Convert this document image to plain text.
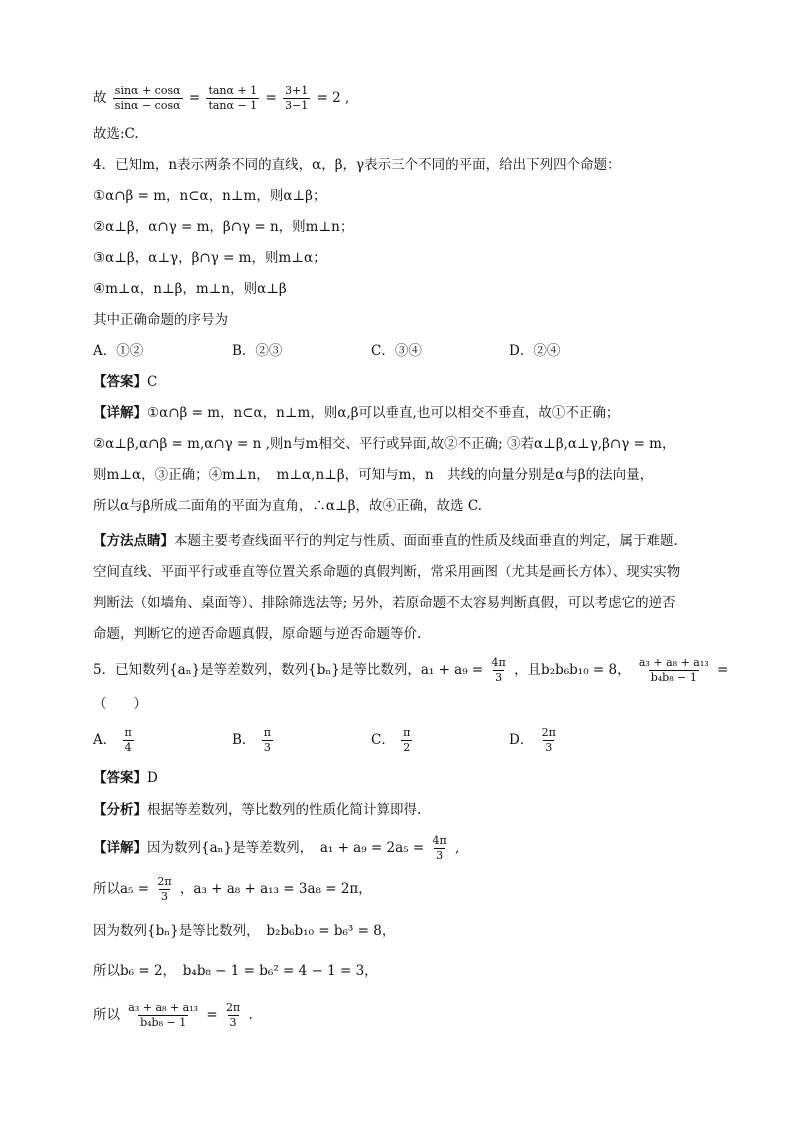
故 $\frac{\sin\alpha + \cos\alpha}{\sin\alpha - \cos\alpha} = \frac{\tan\alpha + 1}{\tan\alpha - 1} = \frac{3+1}{3-1} = 2$ ,
故选:C.
4．已知m，n表示两条不同的直线，α，β，γ表示三个不同的平面，给出下列四个命题：
①α∩β = m，n⊂α，n⊥m，则α⊥β；
②α⊥β，α∩γ = m，β∩γ = n，则m⊥n；
③α⊥β，α⊥γ，β∩γ = m，则m⊥α；
④m⊥α，n⊥β，m⊥n，则α⊥β
其中正确命题的序号为
A．①②	B．②③	C．③④	D．②④
【答案】C
【详解】①α∩β = m，n⊂α，n⊥m，则α,β可以垂直,也可以相交不垂直，故①不正确；
②α⊥β,α∩β = m,α∩γ = n ,则n与m相交、平行或异面,故②不正确; ③若α⊥β,α⊥γ,β∩γ = m，
则m⊥α，③正确；④m⊥n，　m⊥α,n⊥β，可知与m，n　共线的向量分别是α与β的法向量，
所以α与β所成二面角的平面为直角，∴α⊥β，故④正确，故选 C.
【方法点睛】本题主要考查线面平行的判定与性质、面面垂直的性质及线面垂直的判定，属于难题.
空间直线、平面平行或垂直等位置关系命题的真假判断，常采用画图（尤其是画长方体）、现实实物
判断法（如墙角、桌面等）、排除筛选法等; 另外，若原命题不太容易判断真假，可以考虑它的逆否
命题，判断它的逆否命题真假，原命题与逆否命题等价.
5．已知数列{aₙ}是等差数列，数列{bₙ}是等比数列，$a_1 + a_9 = \frac{4\pi}{3}$ ，且b₂b₆b₁₀ = 8， $\frac{\text{a₃ + a₈ + a₁₃}}{\text{b₄b₈ − 1}}$ =
（　　）
A． $\frac{\pi}{4}$	B． $\frac{\pi}{3}$	C． $\frac{\pi}{2}$	D． $\frac{2\pi}{3}$
【答案】D
【分析】根据等差数列，等比数列的性质化简计算即得.
【详解】因为数列{aₙ}是等差数列，　$a_1 + a_9 = 2a_5 = \frac{4\pi}{3}$ ,
所以$a_5 = \frac{2\pi}{3}$ ，a₃ + a₈ + a₁₃ = 3a₈ = 2π，
因为数列{bₙ}是等比数列，　b₂b₆b₁₀ = b₆³ = 8，
所以b₆ = 2，　b₄b₈ − 1 = b₆² = 4 − 1 = 3，
所以 $\frac{\text{a₃ + a₈ + a₁₃}}{\text{b₄b₈ − 1}} = \frac{2\pi}{3}$ .
